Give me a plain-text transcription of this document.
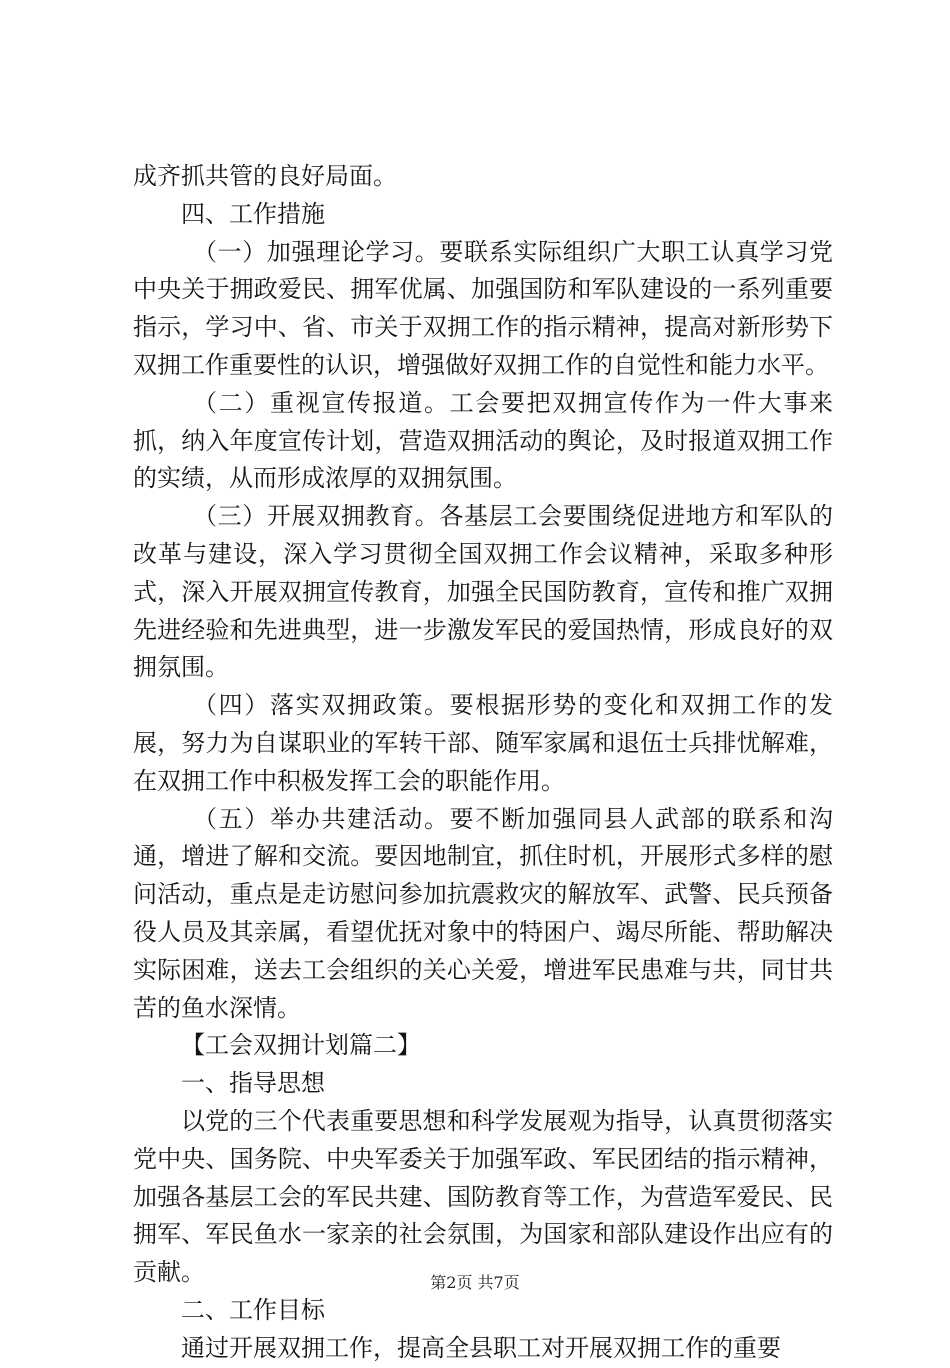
成齐抓共管的良好局面。

四、工作措施

（一）加强理论学习。要联系实际组织广大职工认真学习党中央关于拥政爱民、拥军优属、加强国防和军队建设的一系列重要指示，学习中、省、市关于双拥工作的指示精神，提高对新形势下双拥工作重要性的认识，增强做好双拥工作的自觉性和能力水平。

（二）重视宣传报道。工会要把双拥宣传作为一件大事来抓，纳入年度宣传计划，营造双拥活动的舆论，及时报道双拥工作的实绩，从而形成浓厚的双拥氛围。

（三）开展双拥教育。各基层工会要围绕促进地方和军队的改革与建设，深入学习贯彻全国双拥工作会议精神，采取多种形式，深入开展双拥宣传教育，加强全民国防教育，宣传和推广双拥先进经验和先进典型，进一步激发军民的爱国热情，形成良好的双拥氛围。

（四）落实双拥政策。要根据形势的变化和双拥工作的发展，努力为自谋职业的军转干部、随军家属和退伍士兵排忧解难，在双拥工作中积极发挥工会的职能作用。

（五）举办共建活动。要不断加强同县人武部的联系和沟通，增进了解和交流。要因地制宜，抓住时机，开展形式多样的慰问活动，重点是走访慰问参加抗震救灾的解放军、武警、民兵预备役人员及其亲属，看望优抚对象中的特困户、竭尽所能、帮助解决实际困难，送去工会组织的关心关爱，增进军民患难与共，同甘共苦的鱼水深情。

【工会双拥计划篇二】

一、指导思想

以党的三个代表重要思想和科学发展观为指导，认真贯彻落实党中央、国务院、中央军委关于加强军政、军民团结的指示精神，加强各基层工会的军民共建、国防教育等工作，为营造军爱民、民拥军、军民鱼水一家亲的社会氛围，为国家和部队建设作出应有的贡献。

二、工作目标

通过开展双拥工作，提高全县职工对开展双拥工作的重要

第2页 共7页
